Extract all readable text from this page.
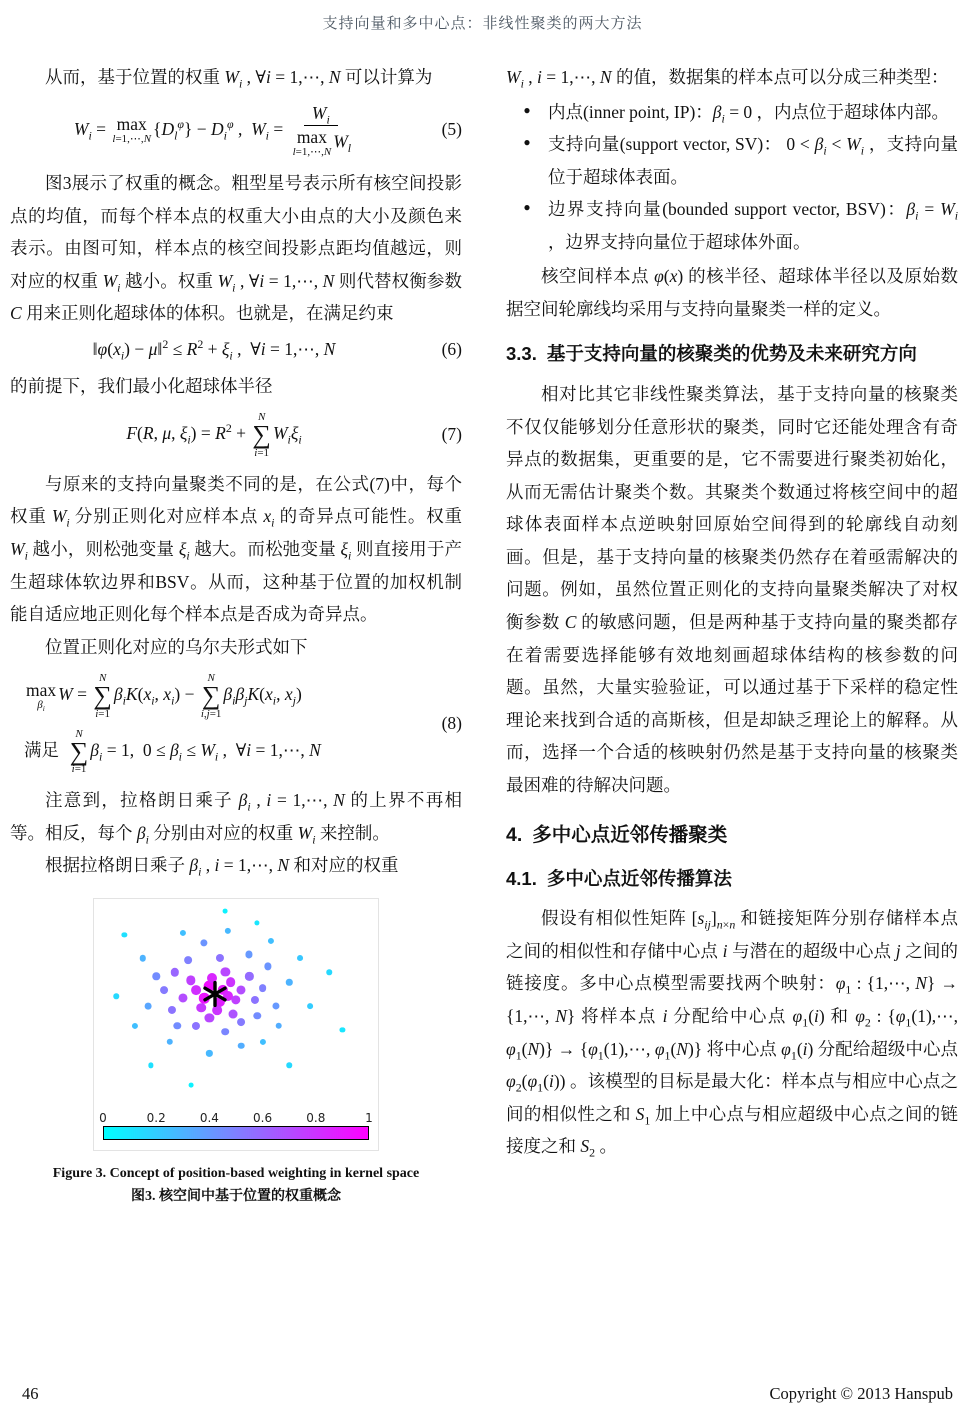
支持向量和多中心点：非线性聚类的两大方法

从而，基于位置的权重 $W_i$ , ∀i = 1,⋯, N 可以计算为

$W_i = \max$
l=1,⋯,N
$\{D_l^\varphi\} - D_i^\varphi$ ,  $W_i = W_i$
max
l=1,⋯,N
$W_l$	(5)

图3展示了权重的概念。粗型星号表示所有核空间投影点的均值，而每个样本点的权重大小由点的大小及颜色来表示。由图可知，样本点的核空间投影点距均值越远，则对应的权重 $W_i$ 越小。权重 $W_i$ , ∀i = 1,⋯, N 则代替权衡参数 C 用来正则化超球体的体积。也就是，在满足约束

$‖\varphi(x_i)$ − μ‖$^2$ ≤ $R^2 + \xi_i$ ,  ∀i = 1,⋯, N	(6)

的前提下，我们最小化超球体半径

F(R, μ, $\xi_i) = R^2$ +
N
∑
i=1
$W_i\xi_i$	(7)

与原来的支持向量聚类不同的是，在公式(7)中，每个权重 $W_i$ 分别正则化对应样本点 $x_i$ 的奇异点可能性。权重 $W_i$ 越小，则松弛变量 $\xi_i$ 越大。而松弛变量 $\xi_i$ 则直接用于产生超球体软边界和BSV。从而，这种基于位置的加权机制能自适应地正则化每个样本点是否成为奇异点。

位置正则化对应的乌尔夫形式如下

max
$\beta_i$
W =
N
∑
i=1
$\beta_iK(x_i$, $x_i$) −
N
∑
i,j=1
$\beta_i\beta_jK(x_i$, $x_j$)
满足
N
∑
i=1
$\beta_i = 1$,  $0 \le \beta_i \le W_i$ ,  ∀i = 1,⋯, N
(8)

注意到，拉格朗日乘子 $\beta_i$ , i = 1,⋯, N 的上界不再相等。相反，每个 $\beta_i$ 分别由对应的权重 $W_i$ 来控制。

根据拉格朗日乘子 $\beta_i$ , i = 1,⋯, N 和对应的权重

0	0.2	0.4	0.6	0.8	1
Figure 3. Concept of position-based weighting in kernel space
图3. 核空间中基于位置的权重概念

$W_i$ , i = 1,⋯, N 的值，数据集的样本点可以分成三种类型：

● 内点(inner point, IP)：$\beta_i = 0$ ，内点位于超球体内部。
● 支持向量(support vector, SV)： $0 < \beta_i < W_i$ ，支持向量位于超球体表面。
● 边界支持向量(bounded support vector, BSV)：$\beta_i = W_i$ ，边界支持向量位于超球体外面。

核空间样本点 φ(x) 的核半径、超球体半径以及原始数据空间轮廓线均采用与支持向量聚类一样的定义。

3.3. 基于支持向量的核聚类的优势及未来研究方向

相对比其它非线性聚类算法，基于支持向量的核聚类不仅仅能够划分任意形状的聚类，同时它还能处理含有奇异点的数据集，更重要的是，它不需要进行聚类初始化，从而无需估计聚类个数。其聚类个数通过将核空间中的超球体表面样本点逆映射回原始空间得到的轮廓线自动刻画。但是，基于支持向量的核聚类仍然存在着亟需解决的问题。例如，虽然位置正则化的支持向量聚类解决了对权衡参数 C 的敏感问题，但是两种基于支持向量的聚类都存在着需要选择能够有效地刻画超球体结构的核参数的问题。虽然，大量实验验证，可以通过基于下采样的稳定性理论来找到合适的高斯核，但是却缺乏理论上的解释。从而，选择一个合适的核映射仍然是基于支持向量的核聚类最困难的待解决问题。

4. 多中心点近邻传播聚类
4.1. 多中心点近邻传播算法

假设有相似性矩阵 $[s_{ij}]_{n\times n}$ 和链接矩阵分别存储样本点之间的相似性和存储中心点 i 与潜在的超级中心点 j 之间的链接度。多中心点模型需要找两个映射：$\varphi_1$ : {1,⋯, N} → {1,⋯, N} 将样本点 i 分配给中心点 $\varphi_1(i)$ 和 $\varphi_2$ : {$\varphi_1(1),\cdots$, $\varphi_1(N)$} → {$\varphi_1(1),\cdots$, $\varphi_1(N)$} 将中心点 $\varphi_1(i)$ 分配给超级中心点 $\varphi_2(\varphi_1(i))$ 。该模型的目标是最大化：样本点与相应中心点之间的相似性之和 $S_1$ 加上中心点与相应超级中心点之间的链接度之和 $S_2$ 。

46	Copyright © 2013 Hanspub
